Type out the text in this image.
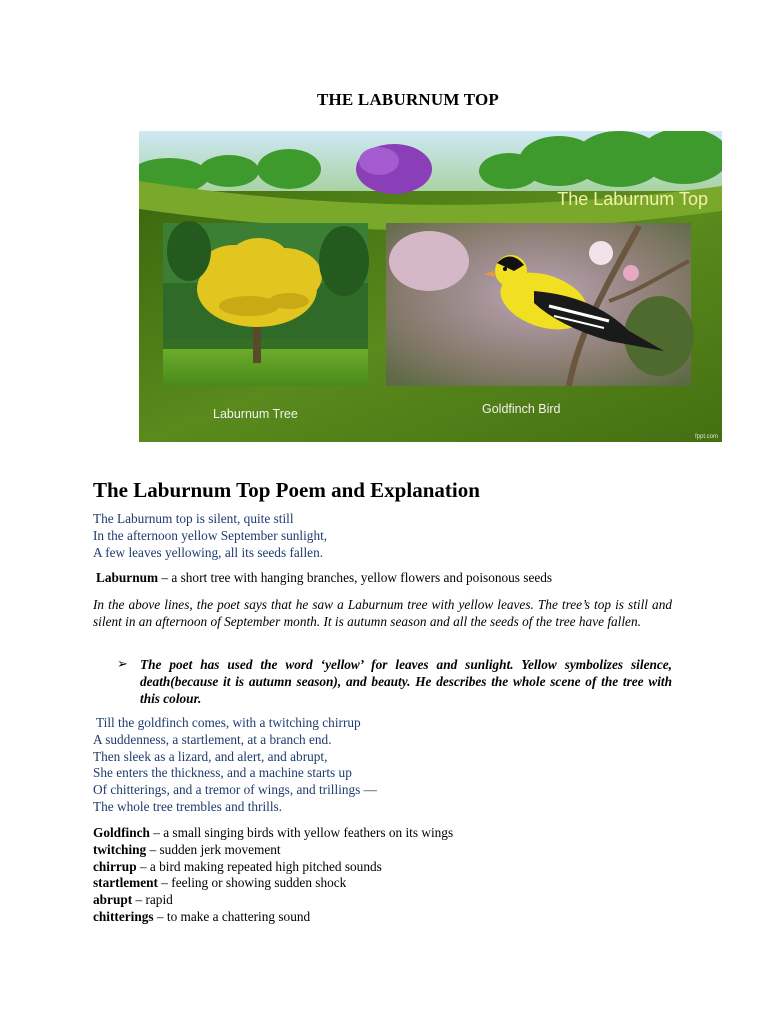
THE LABURNUM TOP
The Laburnum Top
Laburnum Tree	Goldfinch Bird
fppt.com
The Laburnum Top Poem and Explanation
The Laburnum top is silent, quite still
In the afternoon yellow September sunlight,
A few leaves yellowing, all its seeds fallen.
Laburnum – a short tree with hanging branches, yellow flowers and poisonous seeds
In the above lines, the poet says that he saw a Laburnum tree with yellow leaves. The tree’s top is still and silent in an afternoon of September month. It is autumn season and all the seeds of the tree have fallen.
➢ The poet has used the word ‘yellow’ for leaves and sunlight. Yellow symbolizes silence, death(because it is autumn season), and beauty. He describes the whole scene of the tree with this colour.
Till the goldfinch comes, with a twitching chirrup
A suddenness, a startlement, at a branch end.
Then sleek as a lizard, and alert, and abrupt,
She enters the thickness, and a machine starts up
Of chitterings, and a tremor of wings, and trillings —
The whole tree trembles and thrills.
Goldfinch – a small singing birds with yellow feathers on its wings
twitching – sudden jerk movement
chirrup – a bird making repeated high pitched sounds
startlement – feeling or showing sudden shock
abrupt – rapid
chitterings – to make a chattering sound
